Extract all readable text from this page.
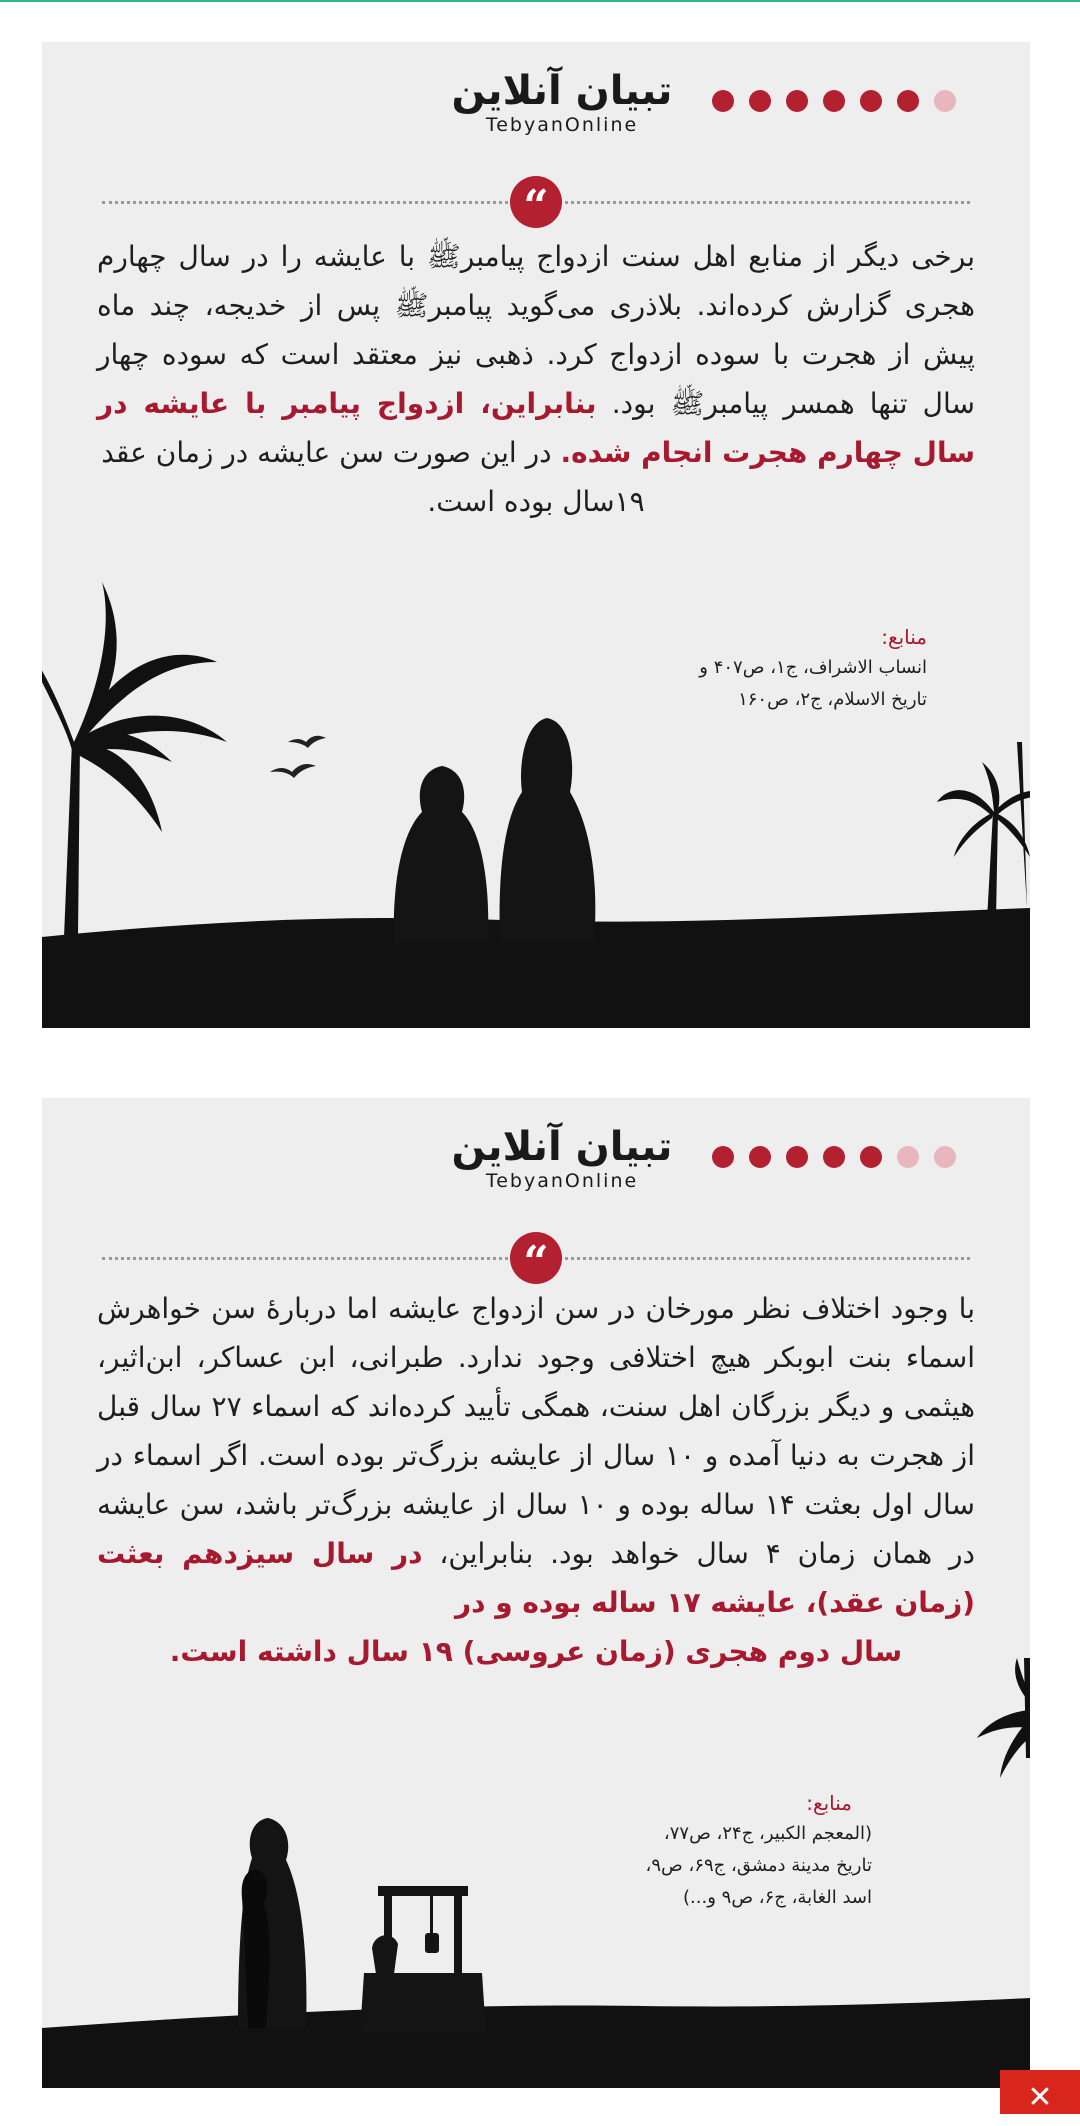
تبیان آنلاین
TebyanOnline
“
برخی دیگر از منابع اهل سنت ازدواج پیامبرﷺ با عایشه را در سال چهارم هجری گزارش کرده‌اند. بلاذری می‌گوید پیامبرﷺ پس از خدیجه، چند ماه پیش از هجرت با سوده ازدواج کرد. ذهبی نیز معتقد است که سوده چهار سال تنها همسر پیامبرﷺ بود. بنابراین، ازدواج پیامبر با عایشه در سال چهارم هجرت انجام شده. در این صورت سن عایشه در زمان عقد
۱۹سال بوده است.
منابع:
انساب الاشراف، ج۱، ص۴۰۷ و
تاریخ الاسلام، ج۲، ص۱۶۰
تبیان آنلاین
TebyanOnline
“
با وجود اختلاف نظر مورخان در سن ازدواج عایشه اما دربارهٔ سن خواهرش اسماء بنت ابوبکر هیچ اختلافی وجود ندارد. طبرانی، ابن عساکر، ابن‌اثیر، هیثمی و دیگر بزرگان اهل سنت، همگی تأیید کرده‌اند که اسماء ۲۷ سال قبل از هجرت به دنیا آمده و ۱۰ سال از عایشه بزرگ‌تر بوده است. اگر اسماء در سال اول بعثت ۱۴ ساله بوده و ۱۰ سال از عایشه بزرگ‌تر باشد، سن عایشه در همان زمان ۴ سال خواهد بود. بنابراین، در سال سیزدهم بعثت (زمان عقد)، عایشه ۱۷ ساله بوده و در
سال دوم هجری (زمان عروسی) ۱۹ سال داشته است.
منابع:
(المعجم الکبیر، ج۲۴، ص۷۷،
تاریخ مدینة دمشق، ج۶۹، ص۹،
اسد الغابة، ج۶، ص۹ و...)
✕
